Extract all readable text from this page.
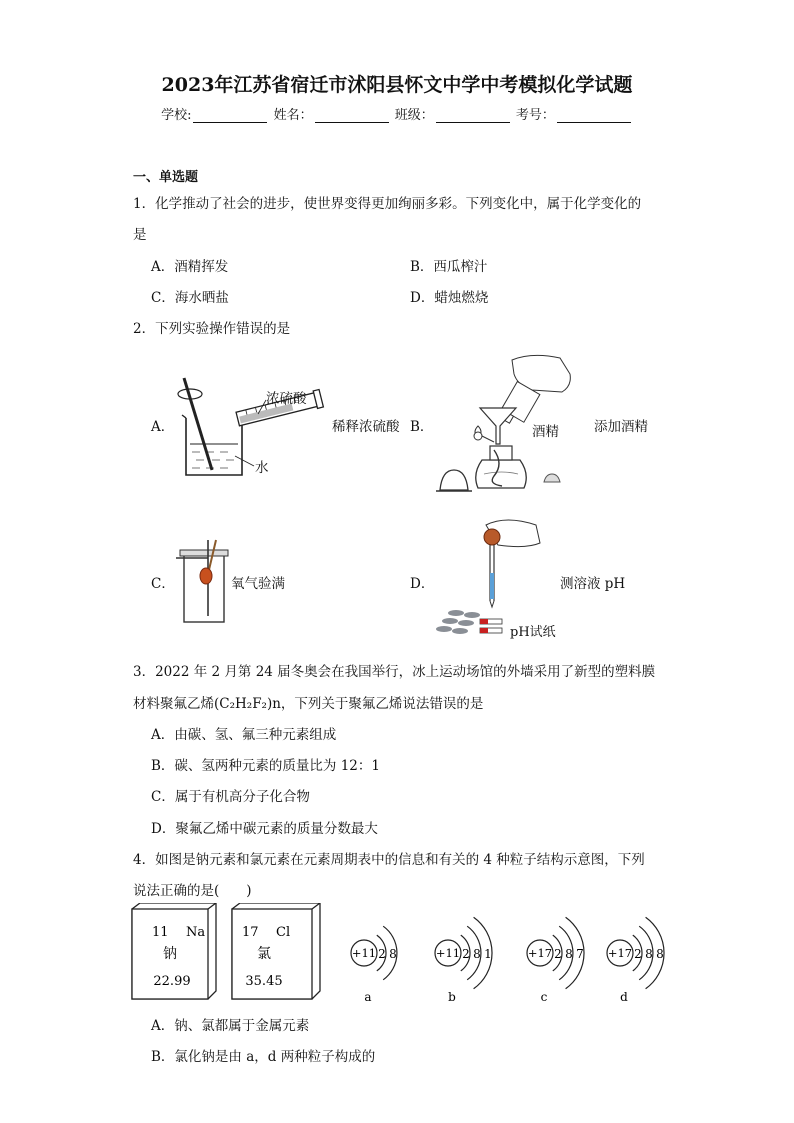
2023年江苏省宿迁市沭阳县怀文中学中考模拟化学试题
学校:	姓名：	班级：	考号：
一、单选题
1．化学推动了社会的进步，使世界变得更加绚丽多彩。下列变化中，属于化学变化的
是
A．酒精挥发	B．西瓜榨汁
C．海水晒盐	D．蜡烛燃烧
2．下列实验操作错误的是
A．
浓硫酸
水
稀释浓硫酸 B．	酒精	添加酒精
C．	氧气验满	D．	测溶液 pH
pH试纸
3．2022 年 2 月第 24 届冬奥会在我国举行，冰上运动场馆的外墙采用了新型的塑料膜
材料聚氟乙烯(C₂H₂F₂)n，下列关于聚氟乙烯说法错误的是
A．由碳、氢、氟三种元素组成
B．碳、氢两种元素的质量比为 12：1
C．属于有机高分子化合物
D．聚氟乙烯中碳元素的质量分数最大
4．如图是钠元素和氯元素在元素周期表中的信息和有关的 4 种粒子结构示意图，下列
说法正确的是(　　)
11 Na
钠
22.99
17 Cl
氯
35.45
+11 2 8
a
+11 2 8 1
b
+17 2 8 7
c
+17 2 8 8
d
A．钠、氯都属于金属元素
B．氯化钠是由 a，d 两种粒子构成的
